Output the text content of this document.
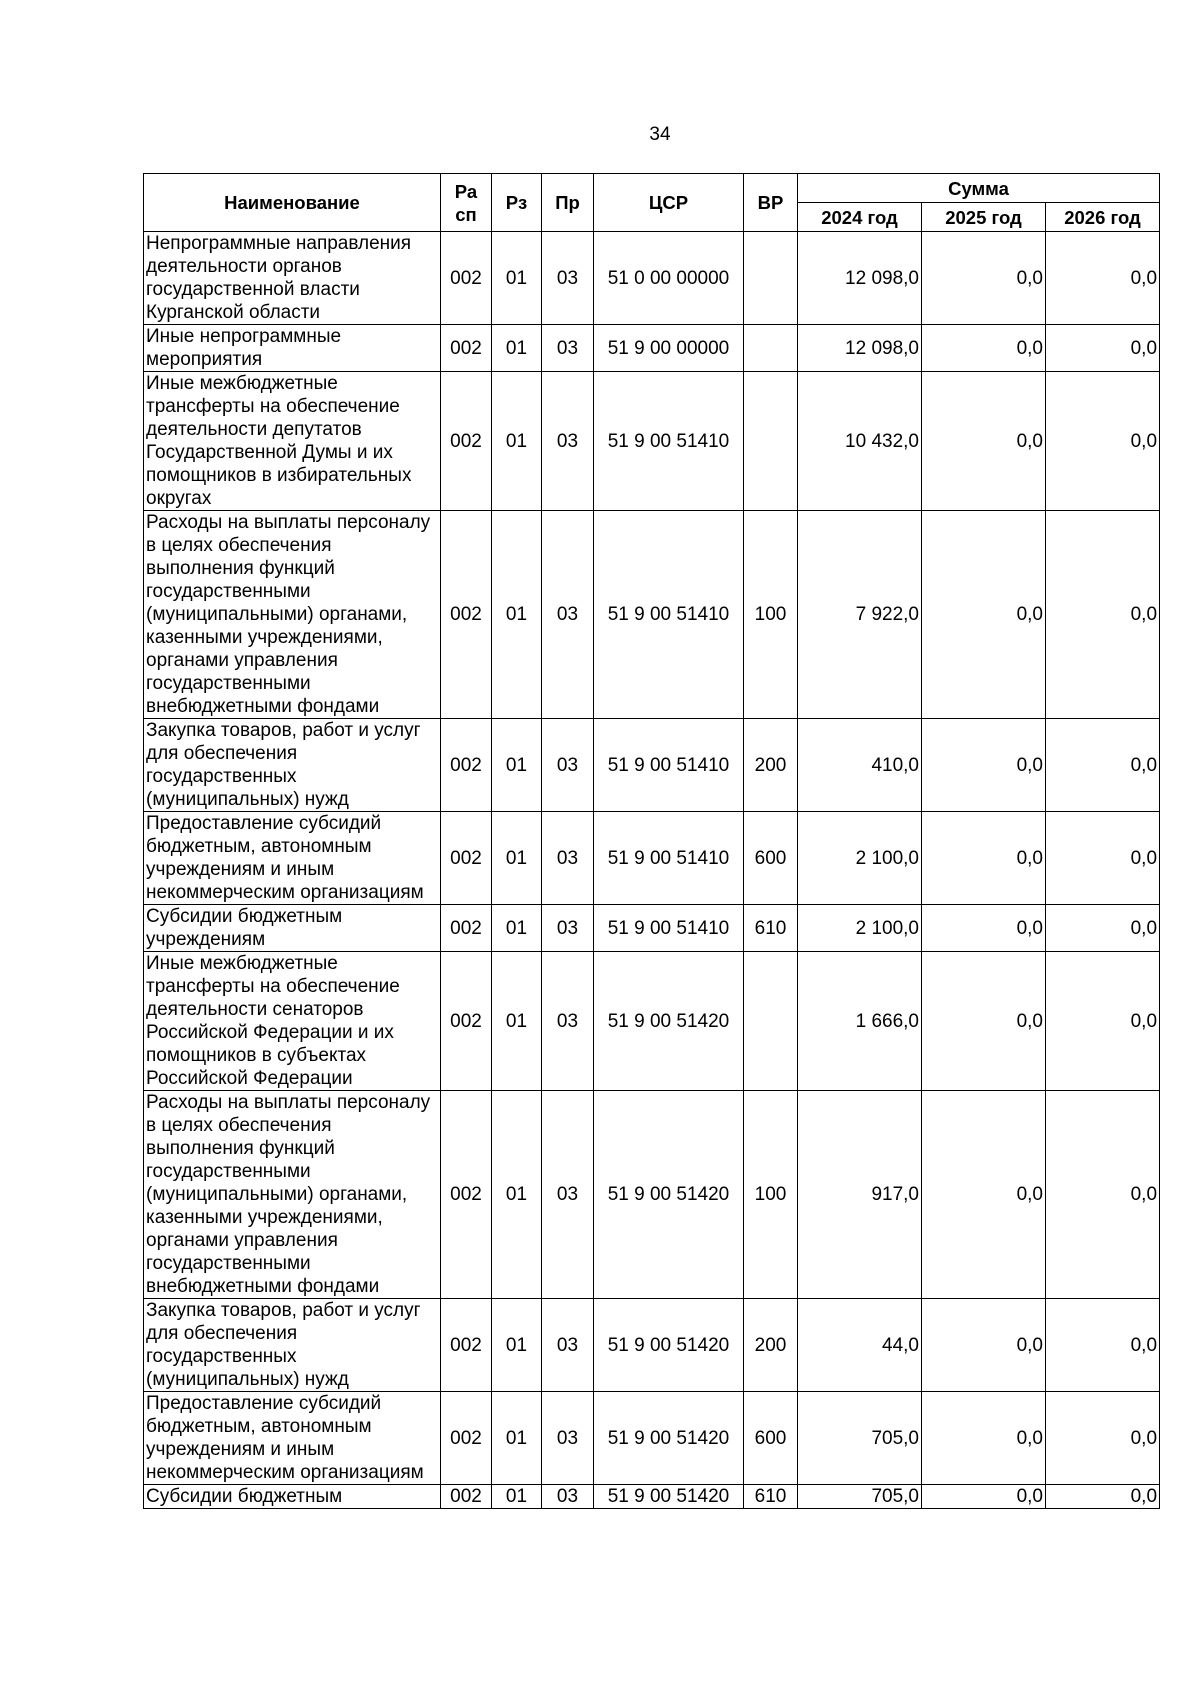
34
Наименование	Ра сп	Рз	Пр	ЦСР	ВР	Сумма		
						2024 год	2025 год	2026 год
Непрограммные направления деятельности органов государственной власти Курганской области	002	01	03	51 0 00 00000		12 098,0	0,0	0,0
Иные непрограммные мероприятия	002	01	03	51 9 00 00000		12 098,0	0,0	0,0
Иные межбюджетные трансферты на обеспечение деятельности депутатов Государственной Думы и их помощников в избирательных округах	002	01	03	51 9 00 51410		10 432,0	0,0	0,0
Расходы на выплаты персоналу в целях обеспечения выполнения функций государственными (муниципальными) органами, казенными учреждениями, органами управления государственными внебюджетными фондами	002	01	03	51 9 00 51410	100	7 922,0	0,0	0,0
Закупка товаров, работ и услуг для обеспечения государственных (муниципальных) нужд	002	01	03	51 9 00 51410	200	410,0	0,0	0,0
Предоставление субсидий бюджетным, автономным учреждениям и иным некоммерческим организациям	002	01	03	51 9 00 51410	600	2 100,0	0,0	0,0
Субсидии бюджетным учреждениям	002	01	03	51 9 00 51410	610	2 100,0	0,0	0,0
Иные межбюджетные трансферты на обеспечение деятельности сенаторов Российской Федерации и их помощников в субъектах Российской Федерации	002	01	03	51 9 00 51420		1 666,0	0,0	0,0
Расходы на выплаты персоналу в целях обеспечения выполнения функций государственными (муниципальными) органами, казенными учреждениями, органами управления государственными внебюджетными фондами	002	01	03	51 9 00 51420	100	917,0	0,0	0,0
Закупка товаров, работ и услуг для обеспечения государственных (муниципальных) нужд	002	01	03	51 9 00 51420	200	44,0	0,0	0,0
Предоставление субсидий бюджетным, автономным учреждениям и иным некоммерческим организациям	002	01	03	51 9 00 51420	600	705,0	0,0	0,0
Субсидии бюджетным	002	01	03	51 9 00 51420	610	705,0	0,0	0,0
